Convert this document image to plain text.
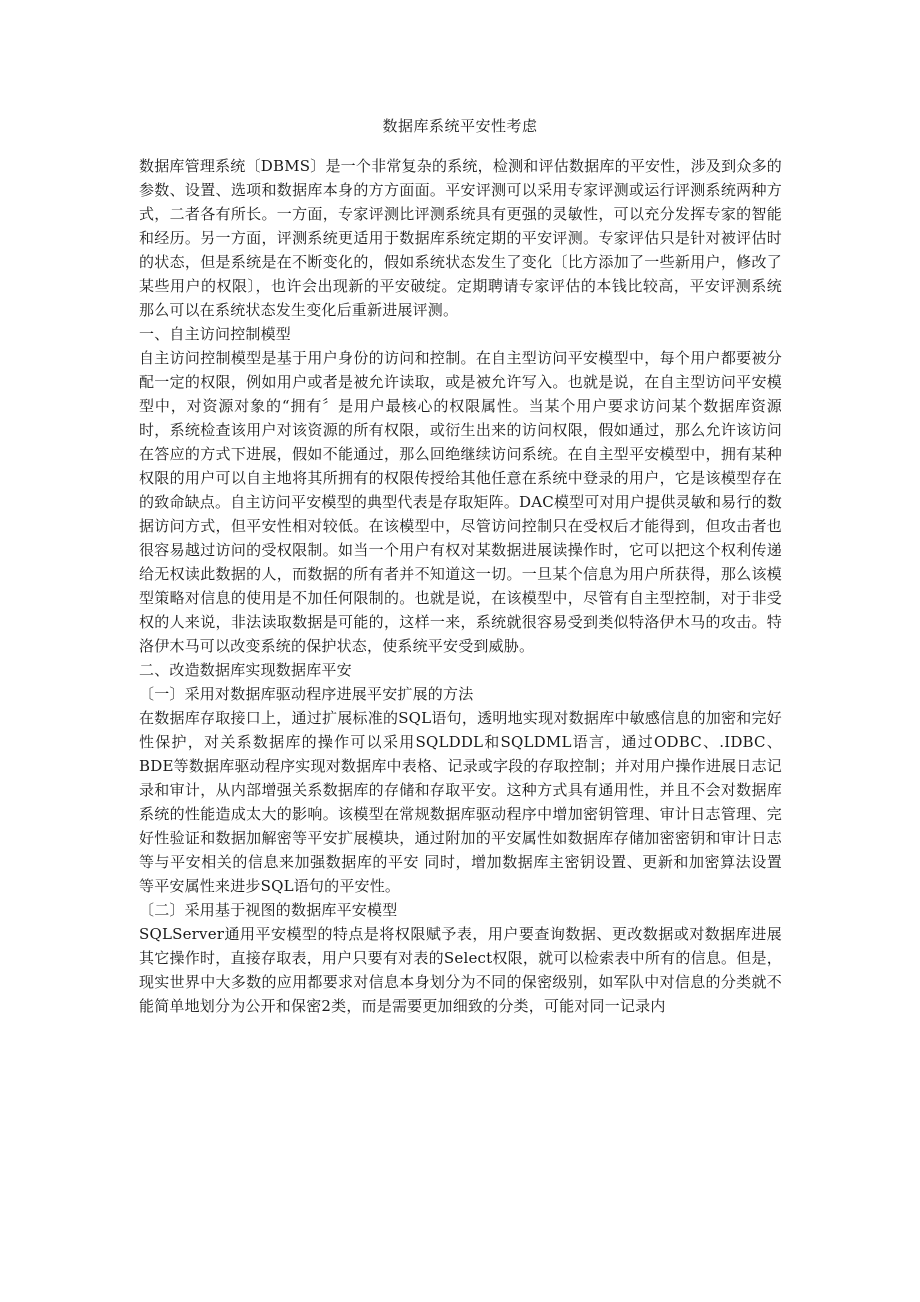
数据库系统平安性考虑

数据库管理系统〔DBMS〕是一个非常复杂的系统，检测和评估数据库的平安性，涉及到众多的参数、设置、选项和数据库本身的方方面面。平安评测可以采用专家评测或运行评测系统两种方式，二者各有所长。一方面，专家评测比评测系统具有更强的灵敏性，可以充分发挥专家的智能和经历。另一方面，评测系统更适用于数据库系统定期的平安评测。专家评估只是针对被评估时的状态，但是系统是在不断变化的，假如系统状态发生了变化〔比方添加了一些新用户，修改了某些用户的权限〕，也许会出现新的平安破绽。定期聘请专家评估的本钱比较高，平安评测系统那么可以在系统状态发生变化后重新进展评测。

一、自主访问控制模型

自主访问控制模型是基于用户身份的访问和控制。在自主型访问平安模型中，每个用户都要被分配一定的权限，例如用户或者是被允许读取，或是被允许写入。也就是说，在自主型访问平安模型中，对资源对象的“拥有〞是用户最核心的权限属性。当某个用户要求访问某个数据库资源时，系统检查该用户对该资源的所有权限，或衍生出来的访问权限，假如通过，那么允许该访问在答应的方式下进展，假如不能通过，那么回绝继续访问系统。在自主型平安模型中，拥有某种权限的用户可以自主地将其所拥有的权限传授给其他任意在系统中登录的用户，它是该模型存在的致命缺点。自主访问平安模型的典型代表是存取矩阵。DAC模型可对用户提供灵敏和易行的数据访问方式，但平安性相对较低。在该模型中，尽管访问控制只在受权后才能得到，但攻击者也很容易越过访问的受权限制。如当一个用户有权对某数据进展读操作时，它可以把这个权利传递给无权读此数据的人，而数据的所有者并不知道这一切。一旦某个信息为用户所获得，那么该模型策略对信息的使用是不加任何限制的。也就是说，在该模型中，尽管有自主型控制，对于非受权的人来说，非法读取数据是可能的，这样一来，系统就很容易受到类似特洛伊木马的攻击。特洛伊木马可以改变系统的保护状态，使系统平安受到威胁。

二、改造数据库实现数据库平安

〔一〕采用对数据库驱动程序进展平安扩展的方法

在数据库存取接口上，通过扩展标准的SQL语句，透明地实现对数据库中敏感信息的加密和完好性保护，对关系数据库的操作可以采用SQLDDL和SQLDML语言，通过ODBC、.IDBC、BDE等数据库驱动程序实现对数据库中表格、记录或字段的存取控制；并对用户操作进展日志记录和审计，从内部增强关系数据库的存储和存取平安。这种方式具有通用性，并且不会对数据库系统的性能造成太大的影响。该模型在常规数据库驱动程序中增加密钥管理、审计日志管理、完好性验证和数据加解密等平安扩展模块，通过附加的平安属性如数据库存储加密密钥和审计日志等与平安相关的信息来加强数据库的平安 同时，增加数据库主密钥设置、更新和加密算法设置等平安属性来进步SQL语句的平安性。

〔二〕采用基于视图的数据库平安模型

SQLServer通用平安模型的特点是将权限赋予表，用户要查询数据、更改数据或对数据库进展其它操作时，直接存取表，用户只要有对表的Select权限，就可以检索表中所有的信息。但是，现实世界中大多数的应用都要求对信息本身划分为不同的保密级别，如军队中对信息的分类就不能简单地划分为公开和保密2类，而是需要更加细致的分类，可能对同一记录内
